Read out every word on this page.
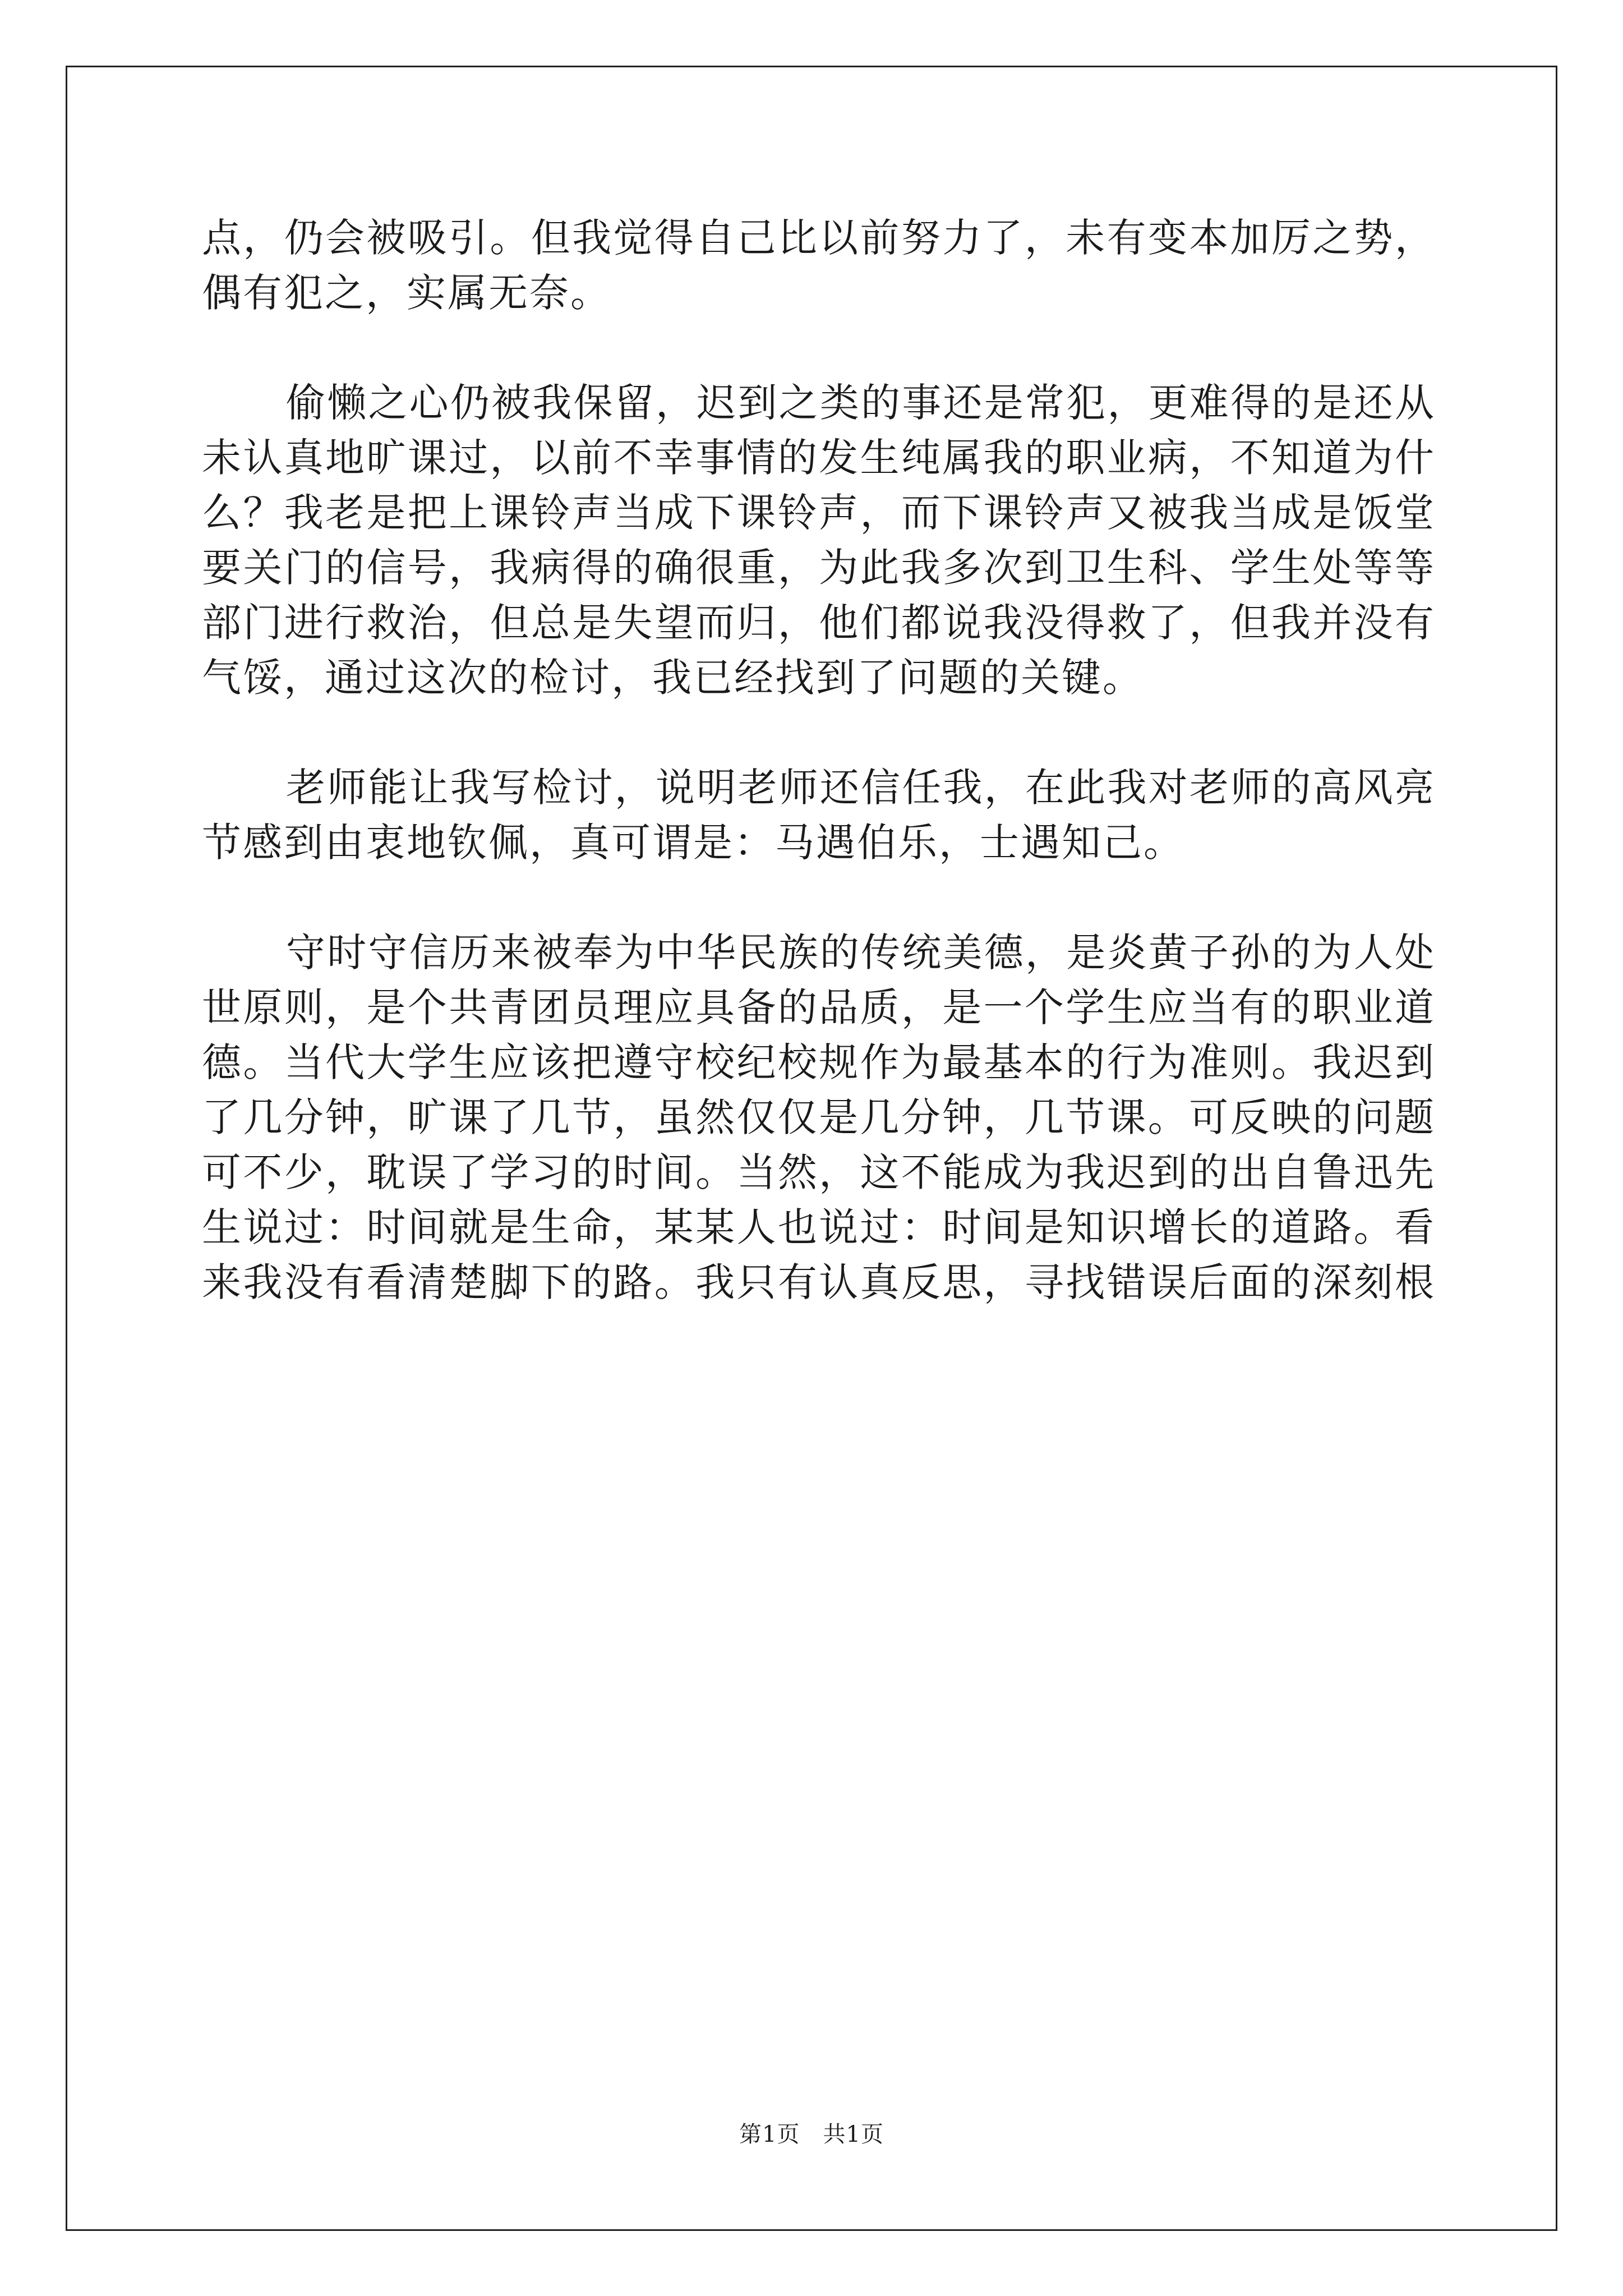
点，仍会被吸引。但我觉得自己比以前努力了，未有变本加厉之势，
偶有犯之，实属无奈。
偷懒之心仍被我保留，迟到之类的事还是常犯，更难得的是还从
未认真地旷课过，以前不幸事情的发生纯属我的职业病，不知道为什
么？我老是把上课铃声当成下课铃声，而下课铃声又被我当成是饭堂
要关门的信号，我病得的确很重，为此我多次到卫生科、学生处等等
部门进行救治，但总是失望而归，他们都说我没得救了，但我并没有
气馁，通过这次的检讨，我已经找到了问题的关键。
老师能让我写检讨，说明老师还信任我，在此我对老师的高风亮
节感到由衷地钦佩，真可谓是：马遇伯乐，士遇知己。
守时守信历来被奉为中华民族的传统美德，是炎黄子孙的为人处
世原则，是个共青团员理应具备的品质，是一个学生应当有的职业道
德。当代大学生应该把遵守校纪校规作为最基本的行为准则。我迟到
了几分钟，旷课了几节，虽然仅仅是几分钟，几节课。可反映的问题
可不少，耽误了学习的时间。当然，这不能成为我迟到的出自鲁迅先
生说过：时间就是生命，某某人也说过：时间是知识增长的道路。看
来我没有看清楚脚下的路。我只有认真反思，寻找错误后面的深刻根
第1页　共1页
